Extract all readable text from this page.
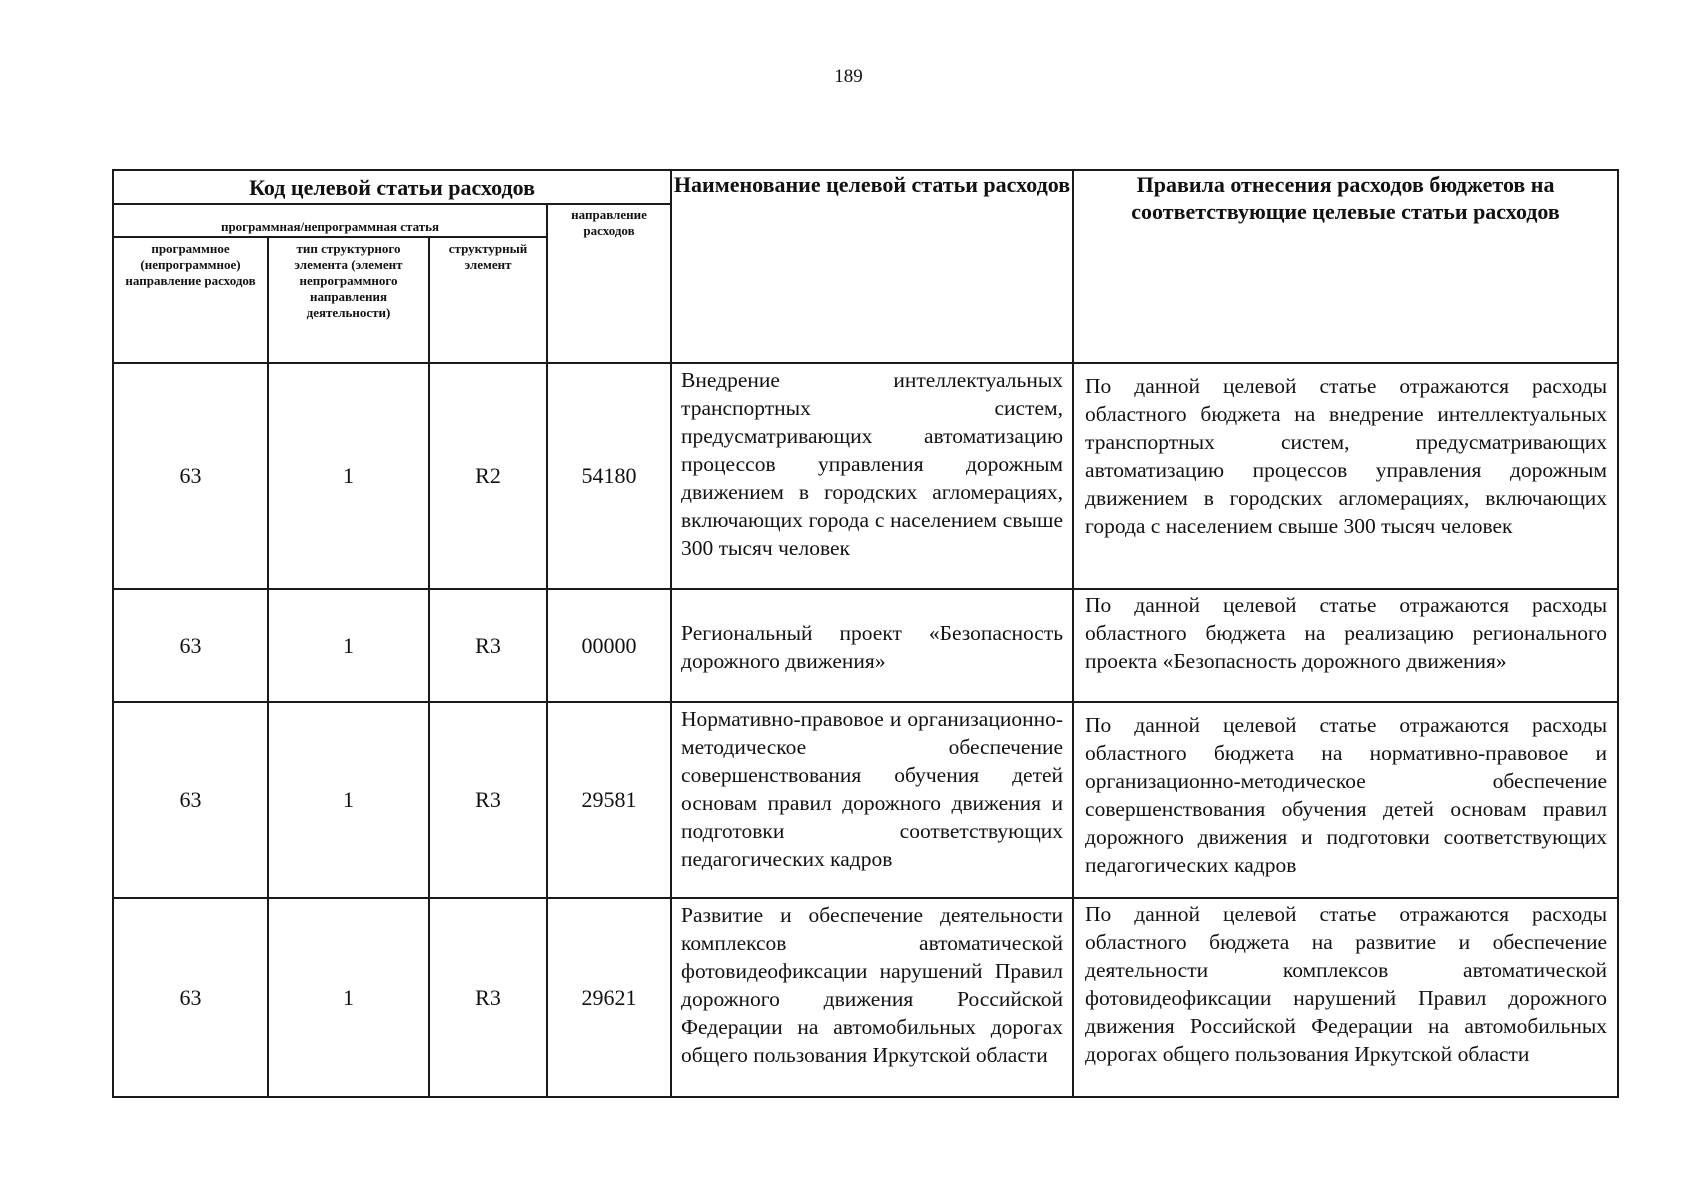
189
Код целевой статьи расходов				Наименование целевой статьи расходов	Правила отнесения расходов бюджетов на соответствующие целевые статьи расходов
программная/непрограммная статья			направление расходов		
программное (непрограммное) направление расходов	тип структурного элемента (элемент непрограммного направления деятельности)	структурный элемент			
63	1	R2	54180	Внедрение интеллектуальных транспортных систем, предусматривающих автоматизацию процессов управления дорожным движением в городских агломерациях, включающих города с населением свыше 300 тысяч человек	По данной целевой статье отражаются расходы областного бюджета на внедрение интеллектуальных транспортных систем, предусматривающих автоматизацию процессов управления дорожным движением в городских агломерациях, включающих города с населением свыше 300 тысяч человек
63	1	R3	00000	Региональный проект «Безопасность дорожного движения»	По данной целевой статье отражаются расходы областного бюджета на реализацию регионального проекта «Безопасность дорожного движения»
63	1	R3	29581	Нормативно-правовое и организационно-методическое обеспечение совершенствования обучения детей основам правил дорожного движения и подготовки соответствующих педагогических кадров	По данной целевой статье отражаются расходы областного бюджета на нормативно-правовое и организационно-методическое обеспечение совершенствования обучения детей основам правил дорожного движения и подготовки соответствующих педагогических кадров
63	1	R3	29621	Развитие и обеспечение деятельности комплексов автоматической фотовидеофиксации нарушений Правил дорожного движения Российской Федерации на автомобильных дорогах общего пользования Иркутской области	По данной целевой статье отражаются расходы областного бюджета на развитие и обеспечение деятельности комплексов автоматической фотовидеофиксации нарушений Правил дорожного движения Российской Федерации на автомобильных дорогах общего пользования Иркутской области
